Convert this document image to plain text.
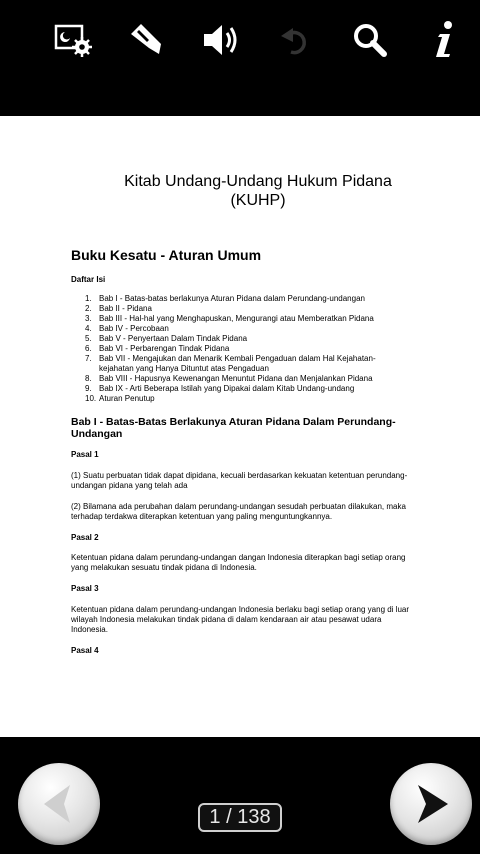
Kitab Undang-Undang Hukum Pidana
(KUHP)
Buku Kesatu - Aturan Umum
Daftar Isi
1. Bab I - Batas-batas berlakunya Aturan Pidana dalam Perundang-undangan
2. Bab II - Pidana
3. Bab III - Hal-hal yang Menghapuskan, Mengurangi atau Memberatkan Pidana
4. Bab IV - Percobaan
5. Bab V - Penyertaan Dalam Tindak Pidana
6. Bab VI - Perbarengan Tindak Pidana
7. Bab VII - Mengajukan dan Menarik Kembali Pengaduan dalam Hal Kejahatan-kejahatan yang Hanya Dituntut atas Pengaduan
8. Bab VIII - Hapusnya Kewenangan Menuntut Pidana dan Menjalankan Pidana
9. Bab IX - Arti Beberapa Istilah yang Dipakai dalam Kitab Undang-undang
10. Aturan Penutup
Bab I - Batas-Batas Berlakunya Aturan Pidana Dalam Perundang-Undangan
Pasal 1
(1) Suatu perbuatan tidak dapat dipidana, kecuali berdasarkan kekuatan ketentuan perundang-undangan pidana yang telah ada
(2) Bilamana ada perubahan dalam perundang-undangan sesudah perbuatan dilakukan, maka terhadap terdakwa diterapkan ketentuan yang paling menguntungkannya.
Pasal 2
Ketentuan pidana dalam perundang-undangan dangan Indonesia diterapkan bagi setiap orang yang melakukan sesuatu tindak pidana di Indonesia.
Pasal 3
Ketentuan pidana dalam perundang-undangan Indonesia berlaku bagi setiap orang yang di luar wilayah Indonesia melakukan tindak pidana di dalam kendaraan air atau pesawat udara Indonesia.
Pasal 4
1 / 138
